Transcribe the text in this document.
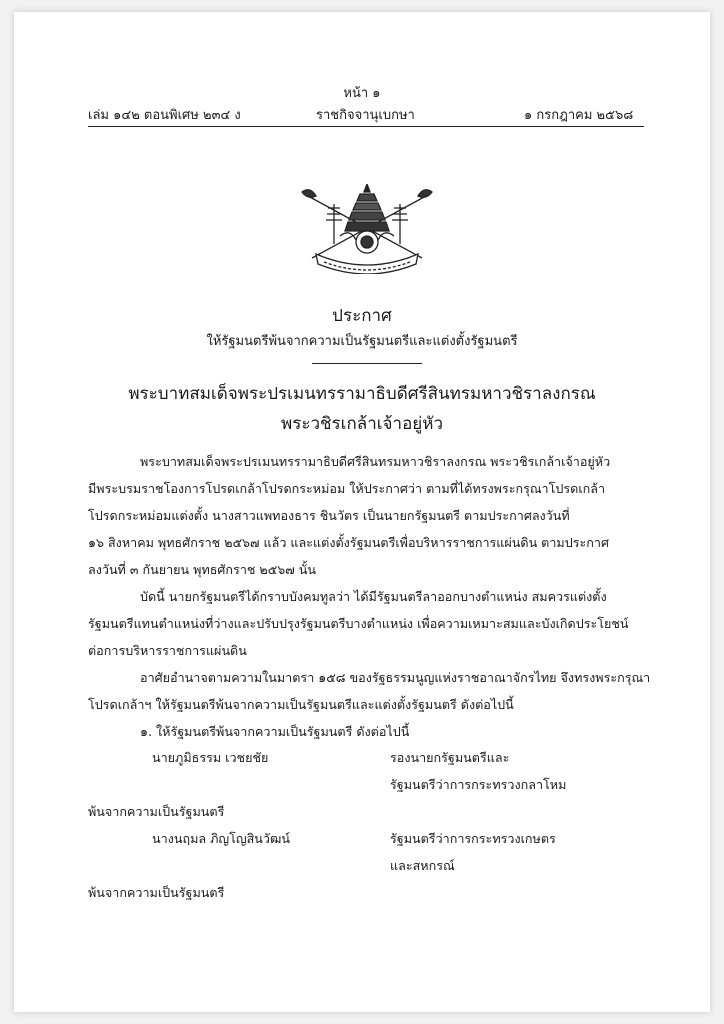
หน้า ๑
เล่ม ๑๔๒ ตอนพิเศษ ๒๓๔ ง	ราชกิจจานุเบกษา	๑ กรกฎาคม ๒๕๖๘
ประกาศ
ให้รัฐมนตรีพ้นจากความเป็นรัฐมนตรีและแต่งตั้งรัฐมนตรี
พระบาทสมเด็จพระปรเมนทรรามาธิบดีศรีสินทรมหาวชิราลงกรณ
พระวชิรเกล้าเจ้าอยู่หัว
พระบาทสมเด็จพระปรเมนทรรามาธิบดีศรีสินทรมหาวชิราลงกรณ พระวชิรเกล้าเจ้าอยู่หัว
มีพระบรมราชโองการโปรดเกล้าโปรดกระหม่อม ให้ประกาศว่า ตามที่ได้ทรงพระกรุณาโปรดเกล้า
โปรดกระหม่อมแต่งตั้ง นางสาวแพทองธาร ชินวัตร เป็นนายกรัฐมนตรี ตามประกาศลงวันที่
๑๖ สิงหาคม พุทธศักราช ๒๕๖๗ แล้ว และแต่งตั้งรัฐมนตรีเพื่อบริหารราชการแผ่นดิน ตามประกาศ
ลงวันที่ ๓ กันยายน พุทธศักราช ๒๕๖๗ นั้น
บัดนี้ นายกรัฐมนตรีได้กราบบังคมทูลว่า ได้มีรัฐมนตรีลาออกบางตำแหน่ง สมควรแต่งตั้ง
รัฐมนตรีแทนตำแหน่งที่ว่างและปรับปรุงรัฐมนตรีบางตำแหน่ง เพื่อความเหมาะสมและบังเกิดประโยชน์
ต่อการบริหารราชการแผ่นดิน
อาศัยอำนาจตามความในมาตรา ๑๕๘ ของรัฐธรรมนูญแห่งราชอาณาจักรไทย จึงทรงพระกรุณา
โปรดเกล้าฯ ให้รัฐมนตรีพ้นจากความเป็นรัฐมนตรีและแต่งตั้งรัฐมนตรี ดังต่อไปนี้
๑. ให้รัฐมนตรีพ้นจากความเป็นรัฐมนตรี ดังต่อไปนี้
นายภูมิธรรม เวชยชัย	รองนายกรัฐมนตรีและ
รัฐมนตรีว่าการกระทรวงกลาโหม
พ้นจากความเป็นรัฐมนตรี
นางนฤมล ภิญโญสินวัฒน์	รัฐมนตรีว่าการกระทรวงเกษตร
และสหกรณ์
พ้นจากความเป็นรัฐมนตรี
